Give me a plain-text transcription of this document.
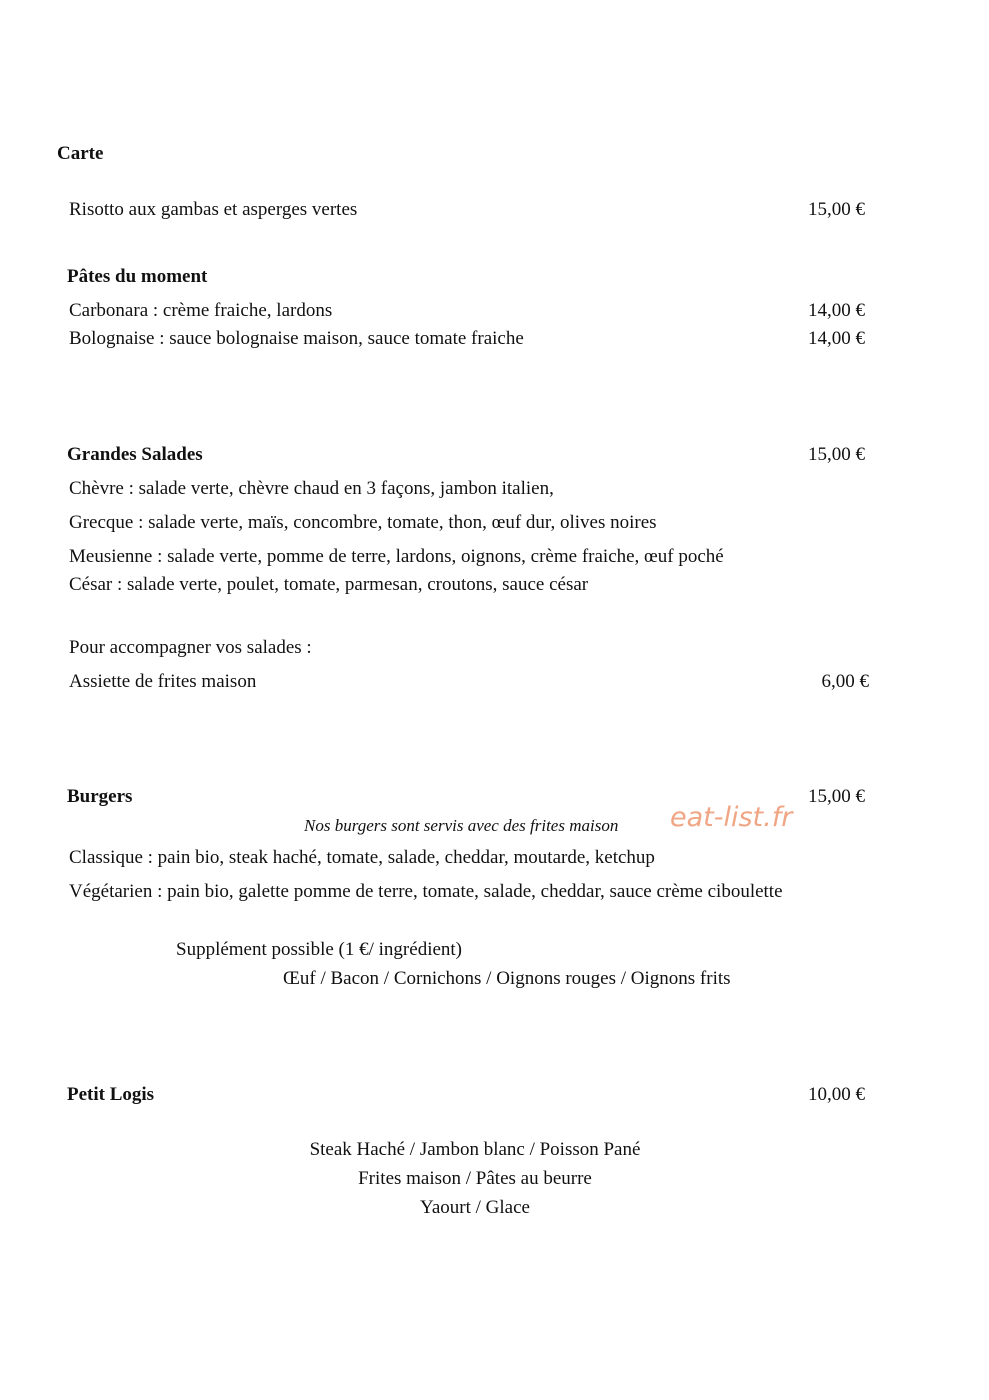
Carte
Risotto aux gambas et asperges vertes	15,00 €
Pâtes du moment
Carbonara : crème fraiche, lardons	14,00 €
Bolognaise : sauce bolognaise maison, sauce tomate fraiche	14,00 €
Grandes Salades	15,00 €
Chèvre : salade verte, chèvre chaud en 3 façons, jambon italien,
Grecque : salade verte, maïs, concombre, tomate, thon, œuf dur, olives noires
Meusienne : salade verte, pomme de terre, lardons, oignons, crème fraiche, œuf poché
César : salade verte, poulet, tomate, parmesan, croutons, sauce césar
Pour accompagner vos salades :
Assiette de frites maison	6,00 €
Burgers	15,00 €
Nos burgers sont servis avec des frites maison eat-list.fr
Classique : pain bio, steak haché, tomate, salade, cheddar, moutarde, ketchup
Végétarien : pain bio, galette pomme de terre, tomate, salade, cheddar, sauce crème ciboulette
Supplément possible (1 €/ ingrédient)
Œuf / Bacon / Cornichons / Oignons rouges / Oignons frits
Petit Logis	10,00 €
Steak Haché / Jambon blanc / Poisson Pané
Frites maison / Pâtes au beurre
Yaourt / Glace
